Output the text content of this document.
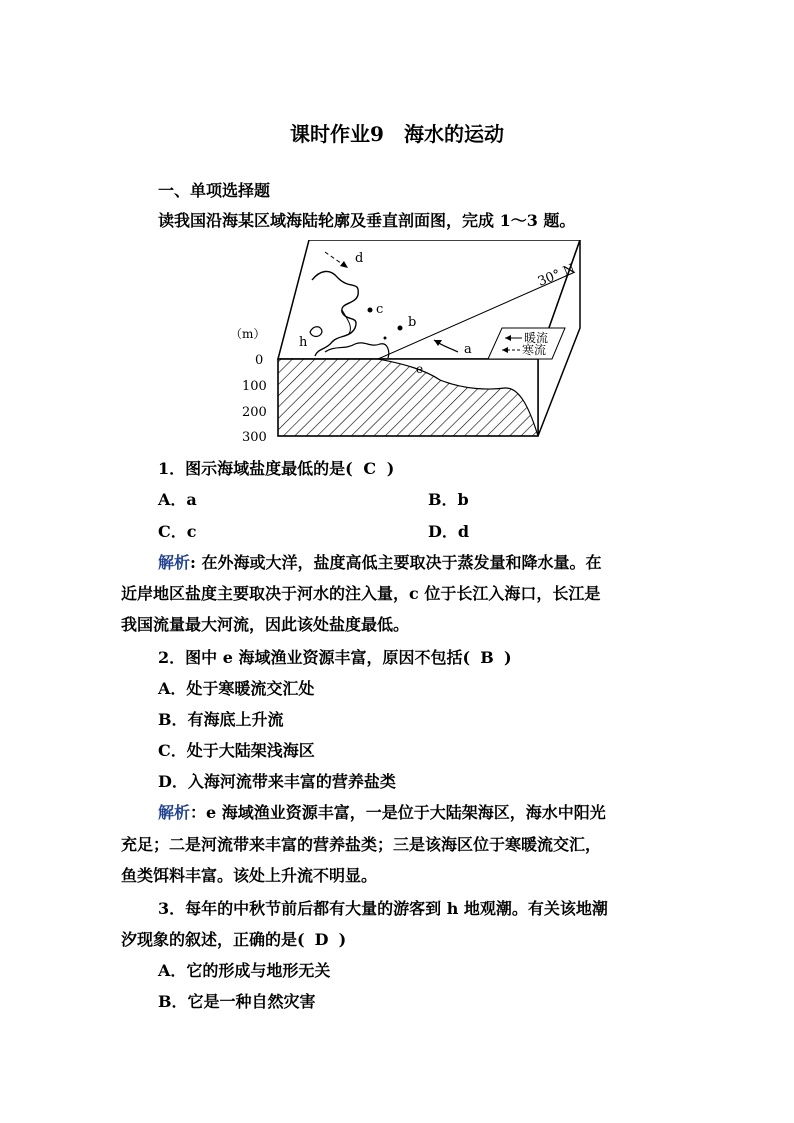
课时作业9　海水的运动
一、单项选择题
读我国沿海某区域海陆轮廓及垂直剖面图，完成 1～3 题。
d
c
b
a
e
h
30° N
暖流
寒流
（m）
0
100
200
300
1．图示海域盐度最低的是( C )
A．a	B．b
C．c	D．d
解析: 在外海或大洋，盐度高低主要取决于蒸发量和降水量。在
近岸地区盐度主要取决于河水的注入量，c 位于长江入海口，长江是
我国流量最大河流，因此该处盐度最低。
2．图中 e 海域渔业资源丰富，原因不包括( B )
A．处于寒暖流交汇处
B．有海底上升流
C．处于大陆架浅海区
D．入海河流带来丰富的营养盐类
解析：e 海域渔业资源丰富，一是位于大陆架海区，海水中阳光
充足；二是河流带来丰富的营养盐类；三是该海区位于寒暖流交汇，
鱼类饵料丰富。该处上升流不明显。
3．每年的中秋节前后都有大量的游客到 h 地观潮。有关该地潮
汐现象的叙述，正确的是( D )
A．它的形成与地形无关
B．它是一种自然灾害
